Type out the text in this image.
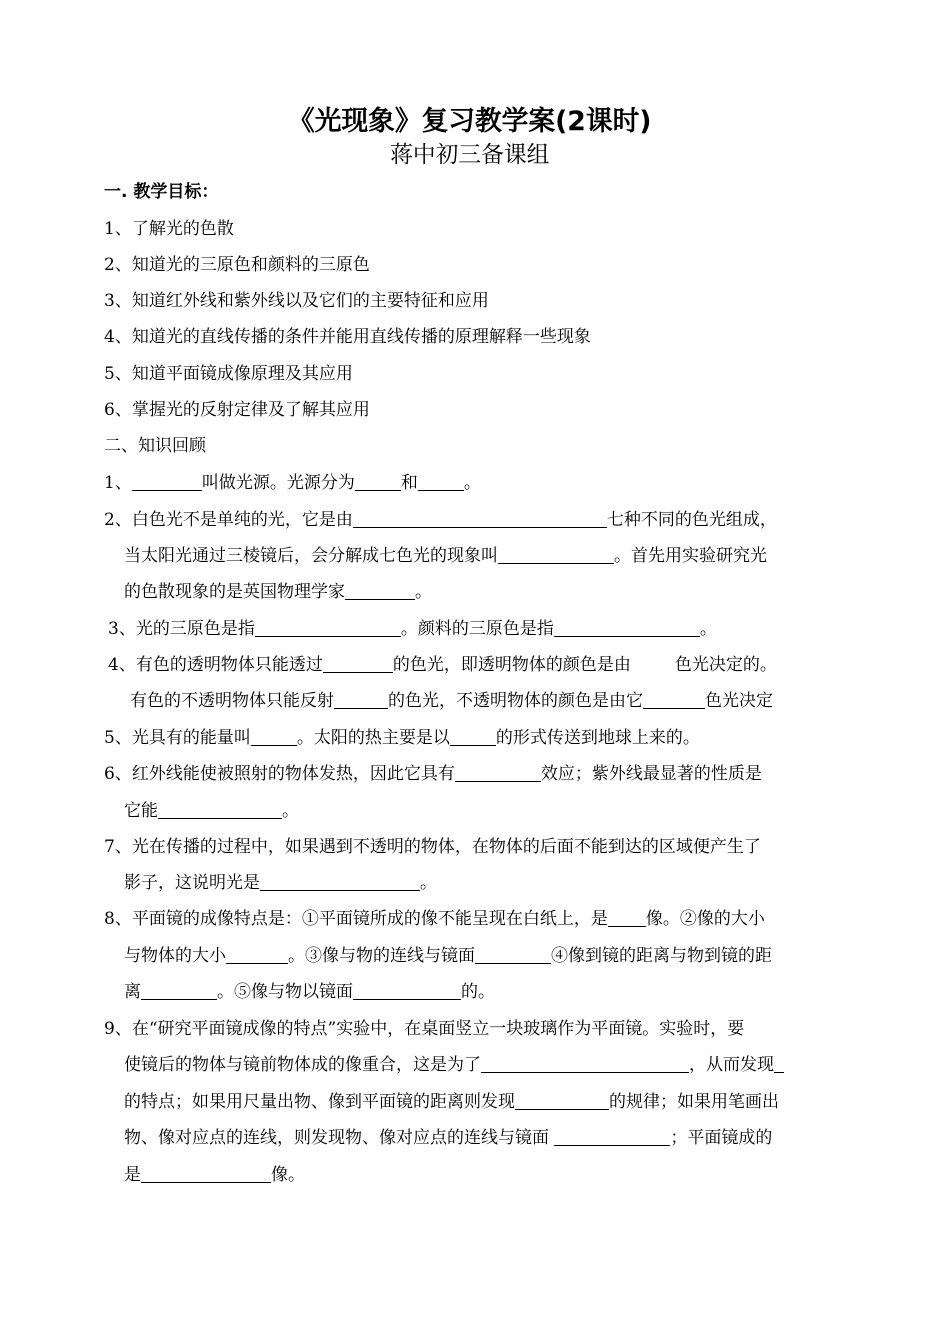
《光现象》复习教学案(2课时)
蒋中初三备课组
一. 教学目标：
1、了解光的色散
2、知道光的三原色和颜料的三原色
3、知道红外线和紫外线以及它们的主要特征和应用
4、知道光的直线传播的条件并能用直线传播的原理解释一些现象
5、知道平面镜成像原理及其应用
6、掌握光的反射定律及了解其应用
二、知识回顾
1、	叫做光源。光源分为	和	。
2、白色光不是单纯的光，它是由	七种不同的色光组成，
当太阳光通过三棱镜后，会分解成七色光的现象叫	。首先用实验研究光
的色散现象的是英国物理学家	。
3、光的三原色是指	。颜料的三原色是指	。
4、有色的透明物体只能透过	的色光，即透明物体的颜色是由	色光决定的。
有色的不透明物体只能反射	的色光，不透明物体的颜色是由它	色光决定
5、光具有的能量叫	。太阳的热主要是以	的形式传送到地球上来的。
6、红外线能使被照射的物体发热，因此它具有	效应；紫外线最显著的性质是
它能	。
7、光在传播的过程中，如果遇到不透明的物体，在物体的后面不能到达的区域便产生了
影子，这说明光是	。
8、平面镜的成像特点是：①平面镜所成的像不能呈现在白纸上，是 像。②像的大小
与物体的大小	。③像与物的连线与镜面	④像到镜的距离与物到镜的距
离	。⑤像与物以镜面	的。
9、在“研究平面镜成像的特点”实验中，在桌面竖立一块玻璃作为平面镜。实验时，要
使镜后的物体与镜前物体成的像重合，这是为了	，从而发现
的特点；如果用尺量出物、像到平面镜的距离则发现	的规律；如果用笔画出
物、像对应点的连线，则发现物、像对应点的连线与镜面	；平面镜成的
是	像。
